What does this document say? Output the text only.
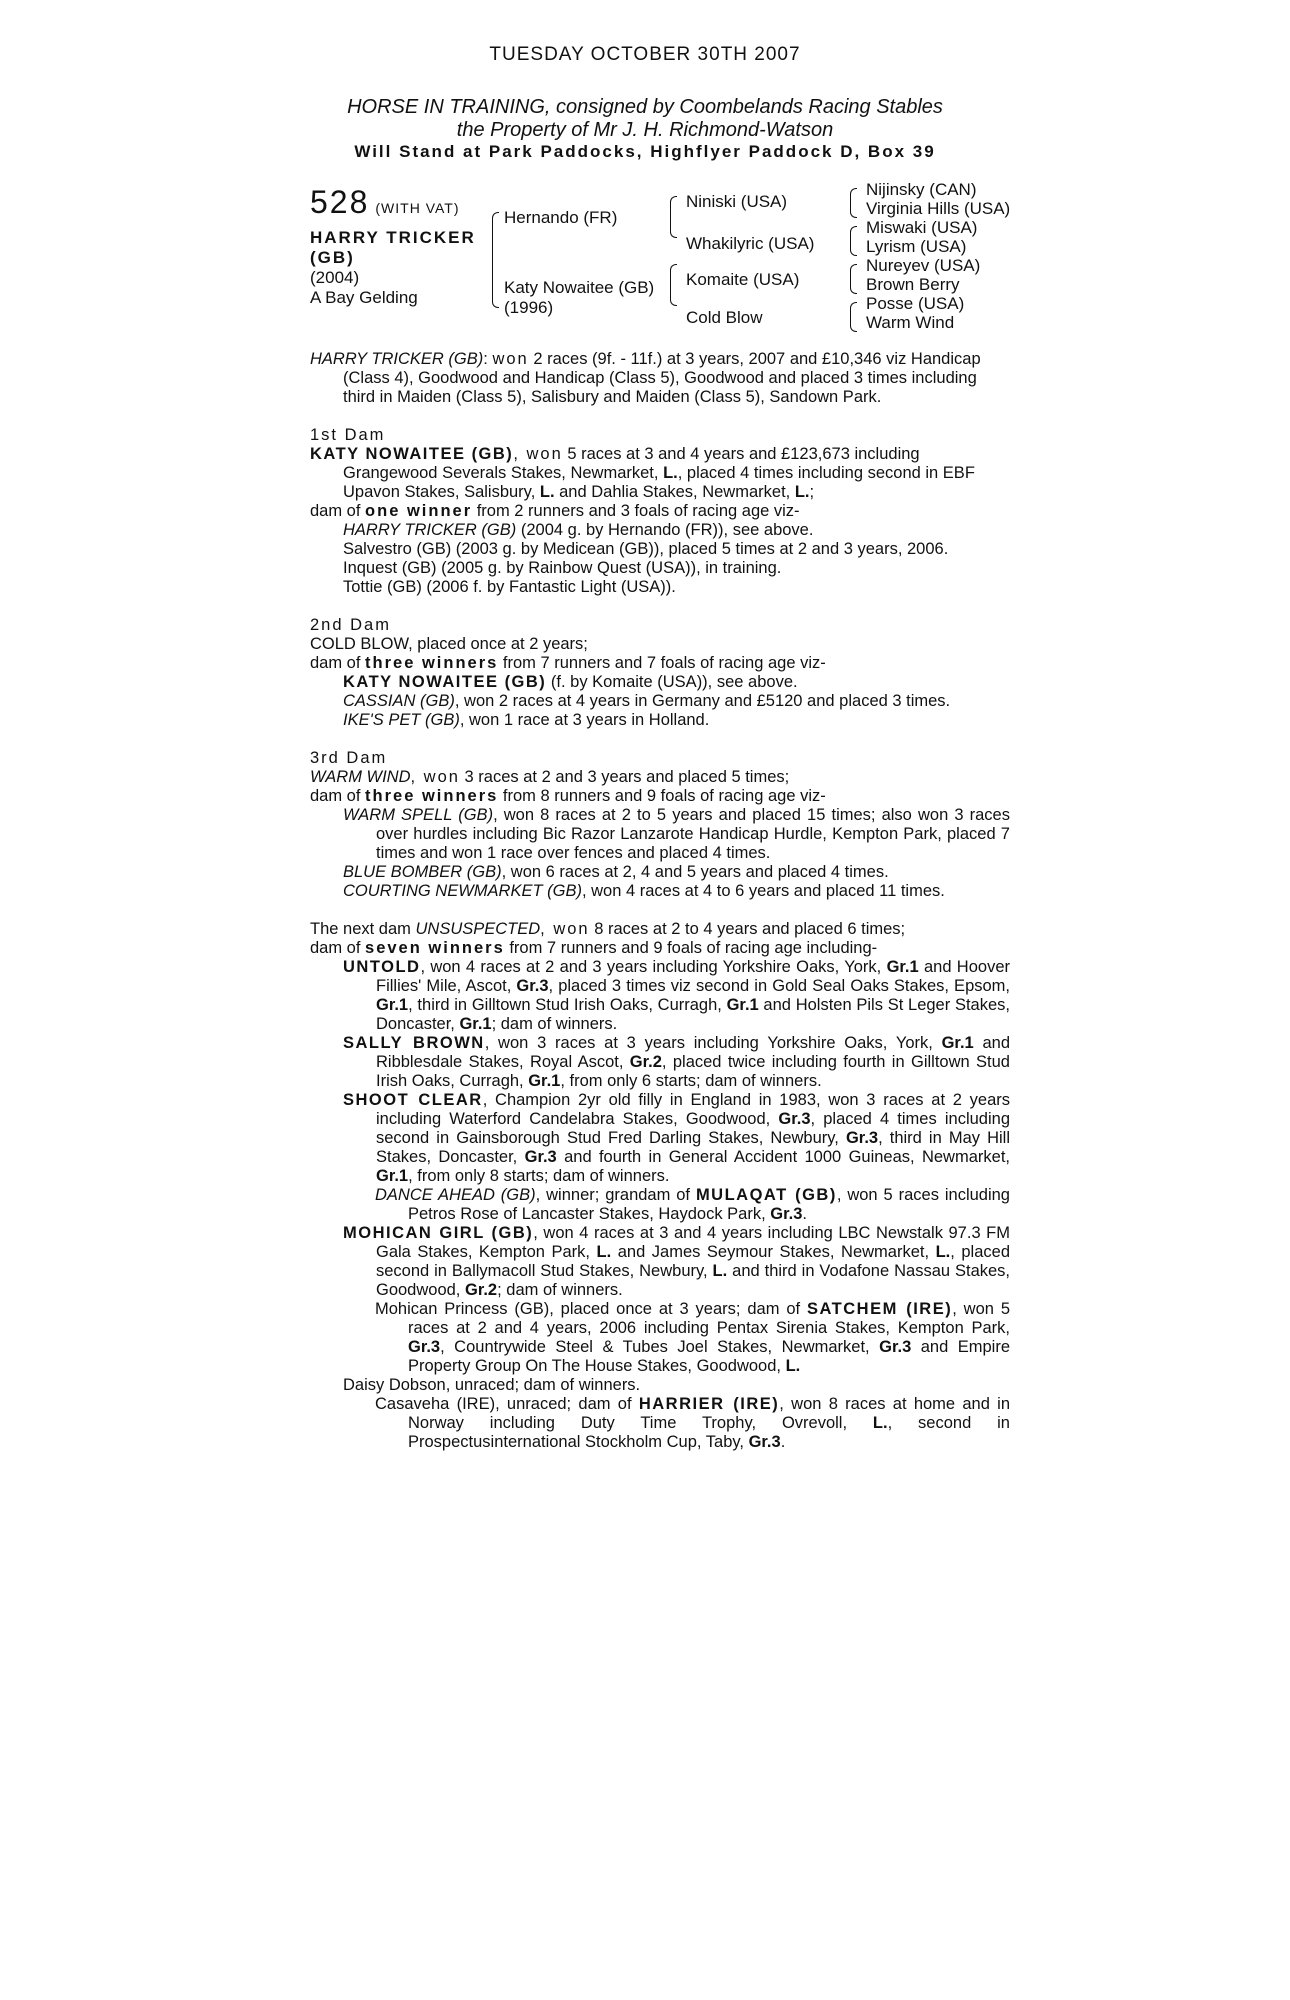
TUESDAY OCTOBER 30TH 2007
HORSE IN TRAINING, consigned by Coombelands Racing Stables
the Property of Mr J. H. Richmond-Watson
Will Stand at Park Paddocks, Highflyer Paddock D, Box 39
528 (WITH VAT)
HARRY TRICKER
(GB)
(2004)
A Bay Gelding
Hernando (FR)
Katy Nowaitee (GB)
(1996)
Niniski (USA)
Whakilyric (USA)
Komaite (USA)
Cold Blow
Nijinsky (CAN)
Virginia Hills (USA)
Miswaki (USA)
Lyrism (USA)
Nureyev (USA)
Brown Berry
Posse (USA)
Warm Wind

HARRY TRICKER (GB): won 2 races (9f. - 11f.) at 3 years, 2007 and £10,346 viz Handicap (Class 4), Goodwood and Handicap (Class 5), Goodwood and placed 3 times including third in Maiden (Class 5), Salisbury and Maiden (Class 5), Sandown Park.

1st Dam

KATY NOWAITEE (GB), won 5 races at 3 and 4 years and £123,673 including Grangewood Severals Stakes, Newmarket, L., placed 4 times including second in EBF Upavon Stakes, Salisbury, L. and Dahlia Stakes, Newmarket, L.;

dam of one winner from 2 runners and 3 foals of racing age viz-

HARRY TRICKER (GB) (2004 g. by Hernando (FR)), see above.

Salvestro (GB) (2003 g. by Medicean (GB)), placed 5 times at 2 and 3 years, 2006.

Inquest (GB) (2005 g. by Rainbow Quest (USA)), in training.

Tottie (GB) (2006 f. by Fantastic Light (USA)).

2nd Dam

COLD BLOW, placed once at 2 years;

dam of three winners from 7 runners and 7 foals of racing age viz-

KATY NOWAITEE (GB) (f. by Komaite (USA)), see above.

CASSIAN (GB), won 2 races at 4 years in Germany and £5120 and placed 3 times.

IKE'S PET (GB), won 1 race at 3 years in Holland.

3rd Dam

WARM WIND, won 3 races at 2 and 3 years and placed 5 times;

dam of three winners from 8 runners and 9 foals of racing age viz-

WARM SPELL (GB), won 8 races at 2 to 5 years and placed 15 times; also won 3 races over hurdles including Bic Razor Lanzarote Handicap Hurdle, Kempton Park, placed 7 times and won 1 race over fences and placed 4 times.

BLUE BOMBER (GB), won 6 races at 2, 4 and 5 years and placed 4 times.

COURTING NEWMARKET (GB), won 4 races at 4 to 6 years and placed 11 times.

The next dam UNSUSPECTED, won 8 races at 2 to 4 years and placed 6 times;

dam of seven winners from 7 runners and 9 foals of racing age including-

UNTOLD, won 4 races at 2 and 3 years including Yorkshire Oaks, York, Gr.1 and Hoover Fillies' Mile, Ascot, Gr.3, placed 3 times viz second in Gold Seal Oaks Stakes, Epsom, Gr.1, third in Gilltown Stud Irish Oaks, Curragh, Gr.1 and Holsten Pils St Leger Stakes, Doncaster, Gr.1; dam of winners.

SALLY BROWN, won 3 races at 3 years including Yorkshire Oaks, York, Gr.1 and Ribblesdale Stakes, Royal Ascot, Gr.2, placed twice including fourth in Gilltown Stud Irish Oaks, Curragh, Gr.1, from only 6 starts; dam of winners.

SHOOT CLEAR, Champion 2yr old filly in England in 1983, won 3 races at 2 years including Waterford Candelabra Stakes, Goodwood, Gr.3, placed 4 times including second in Gainsborough Stud Fred Darling Stakes, Newbury, Gr.3, third in May Hill Stakes, Doncaster, Gr.3 and fourth in General Accident 1000 Guineas, Newmarket, Gr.1, from only 8 starts; dam of winners.

DANCE AHEAD (GB), winner; grandam of MULAQAT (GB), won 5 races including Petros Rose of Lancaster Stakes, Haydock Park, Gr.3.

MOHICAN GIRL (GB), won 4 races at 3 and 4 years including LBC Newstalk 97.3 FM Gala Stakes, Kempton Park, L. and James Seymour Stakes, Newmarket, L., placed second in Ballymacoll Stud Stakes, Newbury, L. and third in Vodafone Nassau Stakes, Goodwood, Gr.2; dam of winners.

Mohican Princess (GB), placed once at 3 years; dam of SATCHEM (IRE), won 5 races at 2 and 4 years, 2006 including Pentax Sirenia Stakes, Kempton Park, Gr.3, Countrywide Steel & Tubes Joel Stakes, Newmarket, Gr.3 and Empire Property Group On The House Stakes, Goodwood, L.

Daisy Dobson, unraced; dam of winners.

Casaveha (IRE), unraced; dam of HARRIER (IRE), won 8 races at home and in Norway including Duty Time Trophy, Ovrevoll, L., second in Prospectusinternational Stockholm Cup, Taby, Gr.3.
